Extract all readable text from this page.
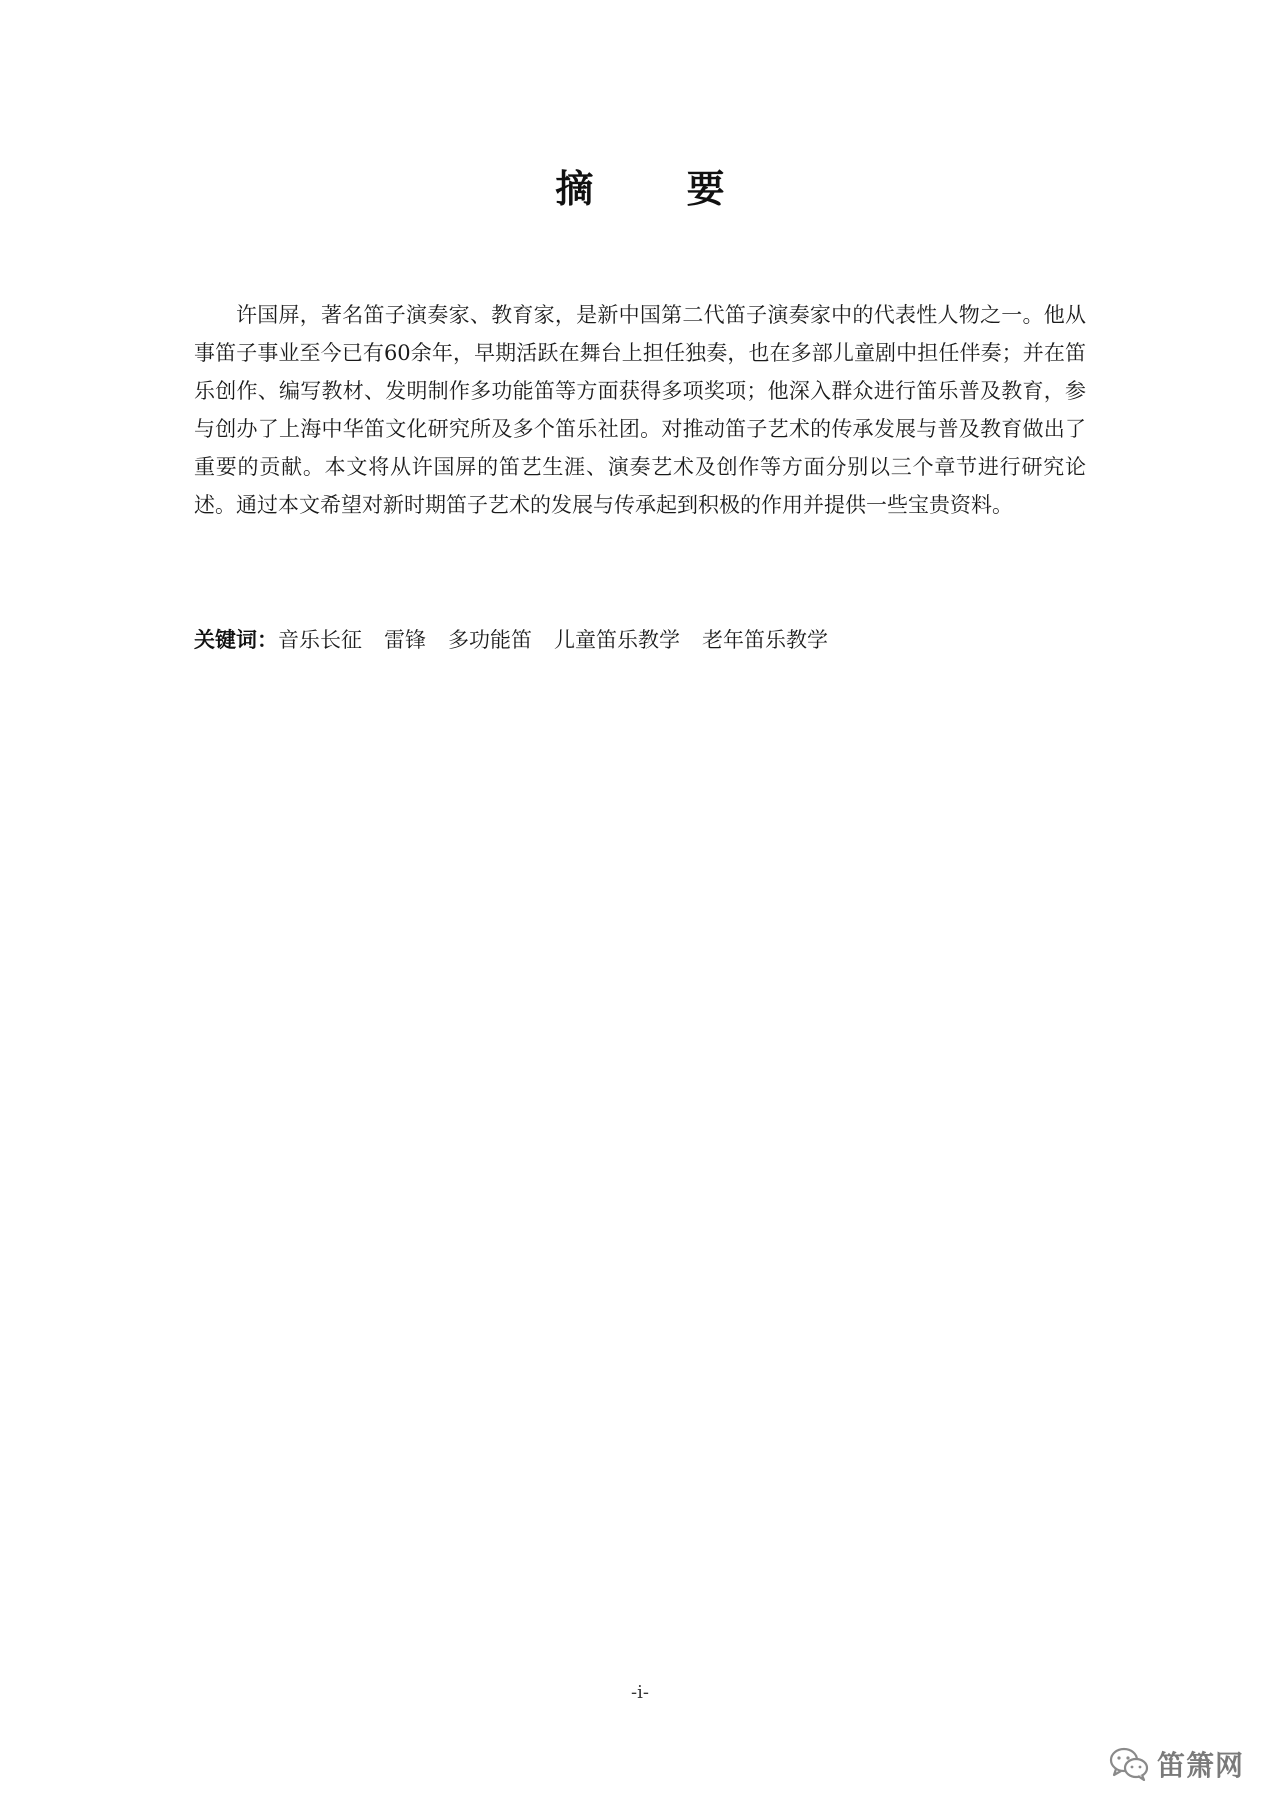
摘 要

许国屏，著名笛子演奏家、教育家，是新中国第二代笛子演奏家中的代表性人物之一。他从事笛子事业至今已有60余年，早期活跃在舞台上担任独奏，也在多部儿童剧中担任伴奏；并在笛乐创作、编写教材、发明制作多功能笛等方面获得多项奖项；他深入群众进行笛乐普及教育，参与创办了上海中华笛文化研究所及多个笛乐社团。对推动笛子艺术的传承发展与普及教育做出了重要的贡献。本文将从许国屏的笛艺生涯、演奏艺术及创作等方面分别以三个章节进行研究论述。通过本文希望对新时期笛子艺术的发展与传承起到积极的作用并提供一些宝贵资料。

关键词：音乐长征 雷锋 多功能笛 儿童笛乐教学 老年笛乐教学
-i-
笛箫网
